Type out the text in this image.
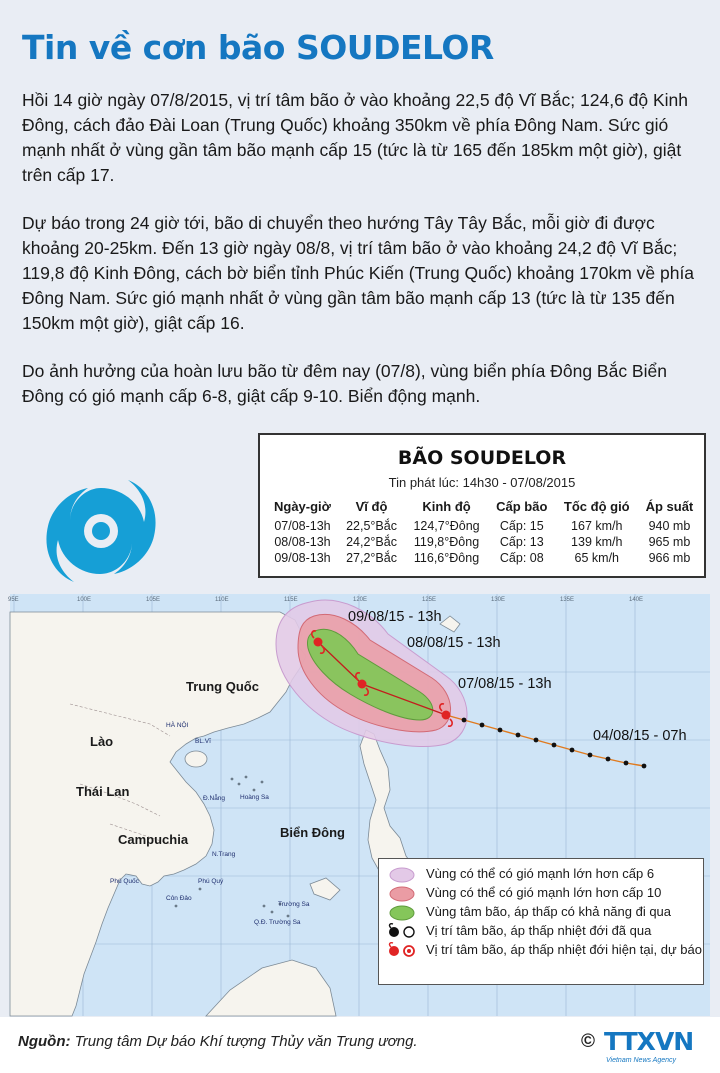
Tin về cơn bão SOUDELOR

Hồi 14 giờ ngày 07/8/2015, vị trí tâm bão ở vào khoảng 22,5 độ Vĩ Bắc; 124,6 độ Kinh Đông, cách đảo Đài Loan (Trung Quốc) khoảng 350km về phía Đông Nam. Sức gió mạnh nhất ở vùng gần tâm bão mạnh cấp 15 (tức là từ 165 đến 185km một giờ), giật trên cấp 17.

Dự báo trong 24 giờ tới, bão di chuyển theo hướng Tây Tây Bắc, mỗi giờ đi được khoảng 20-25km. Đến 13 giờ ngày 08/8, vị trí tâm bão ở vào khoảng 24,2 độ Vĩ Bắc; 119,8 độ Kinh Đông, cách bờ biển tỉnh Phúc Kiến (Trung Quốc) khoảng 170km về phía Đông Nam. Sức gió mạnh nhất ở vùng gần tâm bão mạnh cấp 13 (tức là từ 135 đến 150km một giờ), giật cấp 16.

Do ảnh hưởng của hoàn lưu bão từ đêm nay (07/8), vùng biển phía Đông Bắc Biển Đông có gió mạnh cấp 6-8, giật cấp 9-10. Biển động mạnh.

BÃO SOUDELOR
Tin phát lúc: 14h30 - 07/08/2015
Ngày-giờ	Vĩ độ	Kinh độ	Cấp bão	Tốc độ gió	Áp suất
07/08-13h	22,5°Bắc	124,7°Đông	Cấp: 15	167 km/h	940 mb
08/08-13h	24,2°Bắc	119,8°Đông	Cấp: 13	139 km/h	965 mb
09/08-13h	27,2°Bắc	116,6°Đông	Cấp: 08	65 km/h	966 mb
95E	100E	105E	110E	115E	120E	125E	130E	135E	140E
Trung Quốc
Lào
Thái Lan
Campuchia	Biển Đông
HÀ NỘI
BL.Vĩ
Đ.Nẵng Hoàng Sa
N.Trang
Phú Quốc	Phú Quý
Côn Đảo
Q.Đ. Trường Sa
Trường Sa
09/08/15 - 13h
08/08/15 - 13h
07/08/15 - 13h
04/08/15 - 07h
Vùng có thể có gió mạnh lớn hơn cấp 6
Vùng có thể có gió mạnh lớn hơn cấp 10
Vùng tâm bão, áp thấp có khả năng đi qua
Vị trí tâm bão, áp thấp nhiệt đới đã qua
Vị trí tâm bão, áp thấp nhiệt đới hiện tại, dự báo
Nguồn: Trung tâm Dự báo Khí tượng Thủy văn Trung ương.	© TTXVN
Vietnam News Agency
